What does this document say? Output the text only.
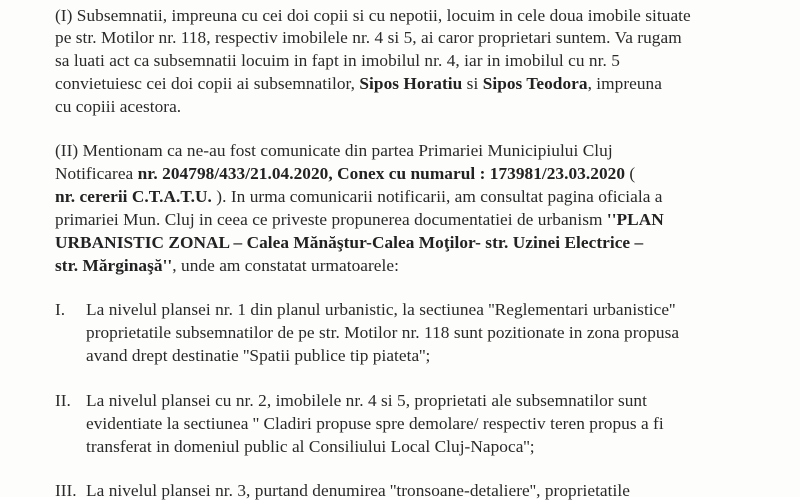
(I) Subsemnatii, impreuna cu cei doi copii si cu nepotii, locuim in cele doua imobile situate
pe str. Motilor nr. 118, respectiv imobilele nr. 4 si 5, ai caror proprietari suntem. Va rugam
sa luati act ca subsemnatii locuim in fapt in imobilul nr. 4, iar in imobilul cu nr. 5
convietuiesc cei doi copii ai subsemnatilor, Sipos Horatiu si Sipos Teodora, impreuna
cu copiii acestora.
(II) Mentionam ca ne-au fost comunicate din partea Primariei Municipiului Cluj
Notificarea nr. 204798/433/21.04.2020, Conex cu numarul : 173981/23.03.2020 (
nr. cererii C.T.A.T.U. ). In urma comunicarii notificarii, am consultat pagina oficiala a
primariei Mun. Cluj in ceea ce priveste propunerea documentatiei de urbanism ''PLAN
URBANISTIC ZONAL – Calea Mănăştur-Calea Moţilor- str. Uzinei Electrice –
str. Mărginaşă'', unde am constatat urmatoarele:
I. La nivelul plansei nr. 1 din planul urbanistic, la sectiunea ''Reglementari urbanistice''
proprietatile subsemnatilor de pe str. Motilor nr. 118 sunt pozitionate in zona propusa
avand drept destinatie ''Spatii publice tip piateta'';
II. La nivelul plansei cu nr. 2, imobilele nr. 4 si 5, proprietati ale subsemnatilor sunt
evidentiate la sectiunea '' Cladiri propuse spre demolare/ respectiv teren propus a fi
transferat in domeniul public al Consiliului Local Cluj-Napoca'';
III. La nivelul plansei nr. 3, purtand denumirea ''tronsoane-detaliere'', proprietatile
